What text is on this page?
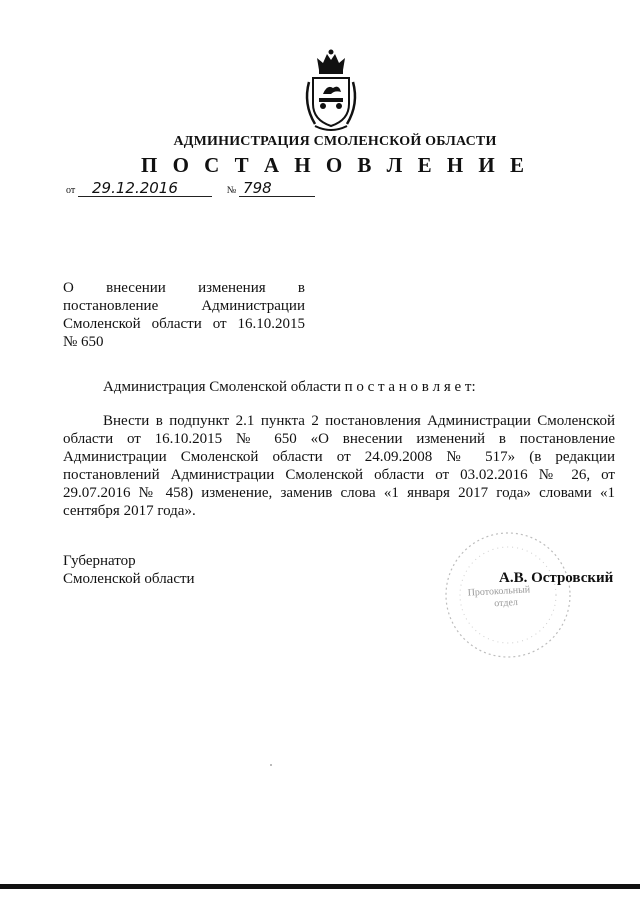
АДМИНИСТРАЦИЯ СМОЛЕНСКОЙ ОБЛАСТИ
П О С Т А Н О В Л Е Н И Е
от 29.12.2016	№ 798
О внесении изменения в
постановление	Администрации
Смоленской области от 16.10.2015
№ 650
Администрация Смоленской области п о с т а н о в л я е т:
Внести в подпункт 2.1 пункта 2 постановления Администрации Смоленской области от 16.10.2015 № 650 «О внесении изменений в постановление Администрации Смоленской области от 24.09.2008 № 517» (в редакции постановлений Администрации Смоленской области от 03.02.2016 № 26, от 29.07.2016 № 458) изменение, заменив слова «1 января 2017 года» словами «1 сентября 2017 года».
Губернатор
Смоленской области
Протокольный
отдел
А.В. Островский
